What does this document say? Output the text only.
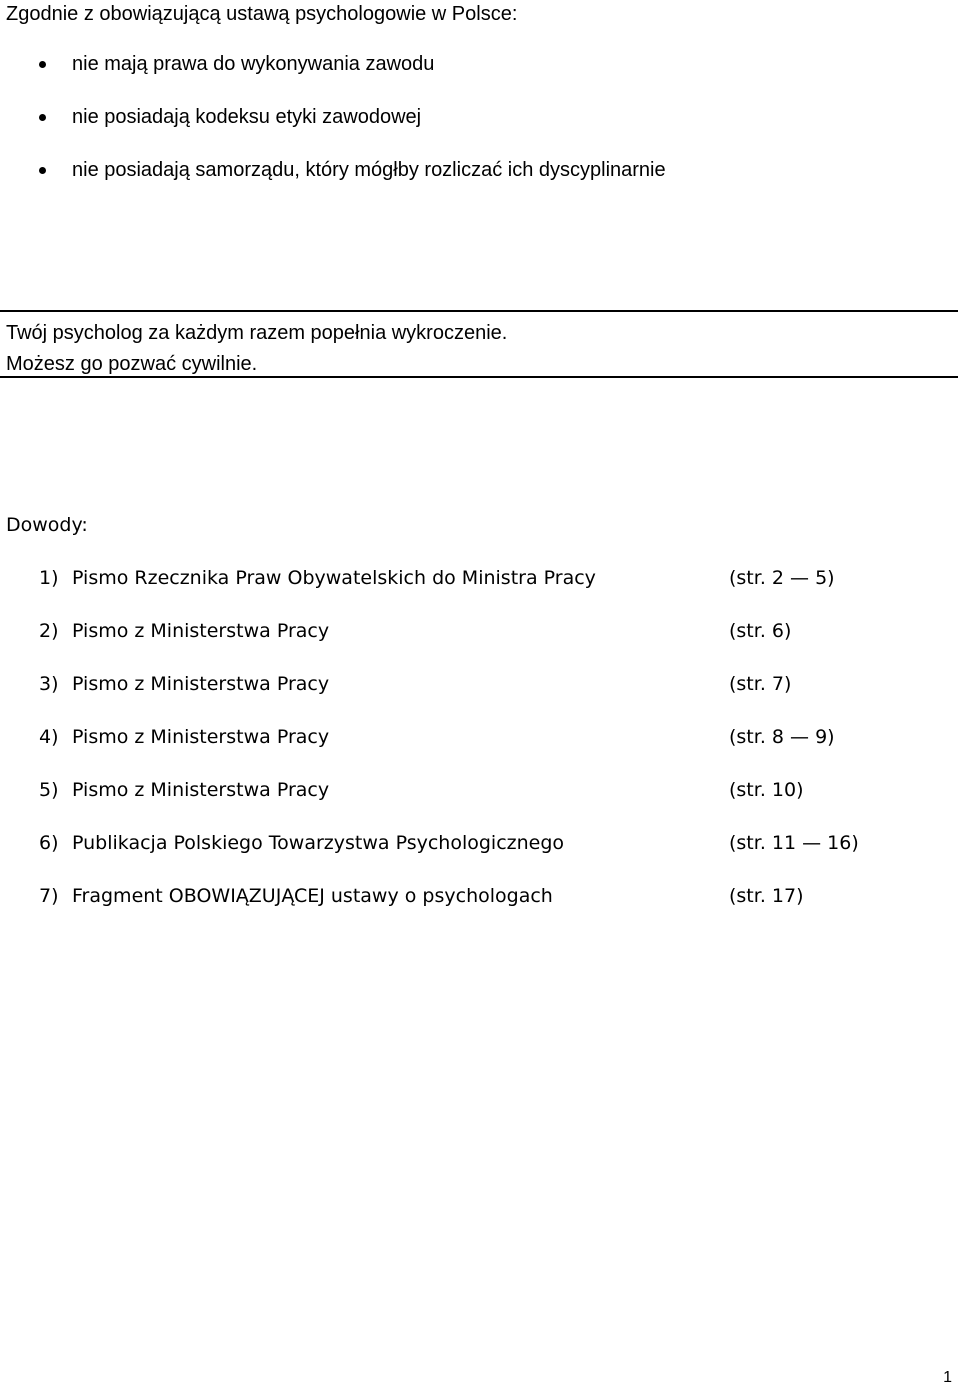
Zgodnie z obowiązującą ustawą psychologowie w Polsce:
nie mają prawa do wykonywania zawodu
nie posiadają kodeksu etyki zawodowej
nie posiadają samorządu, który mógłby rozliczać ich dyscyplinarnie
Twój psycholog za każdym razem popełnia wykroczenie.
Możesz go pozwać cywilnie.
Dowody:
1) Pismo Rzecznika Praw Obywatelskich do Ministra Pracy	(str. 2 — 5)
2) Pismo z Ministerstwa Pracy	(str. 6)
3) Pismo z Ministerstwa Pracy	(str. 7)
4) Pismo z Ministerstwa Pracy	(str. 8 — 9)
5) Pismo z Ministerstwa Pracy	(str. 10)
6) Publikacja Polskiego Towarzystwa Psychologicznego	(str. 11 — 16)
7) Fragment OBOWIĄZUJĄCEJ ustawy o psychologach	(str. 17)
1
